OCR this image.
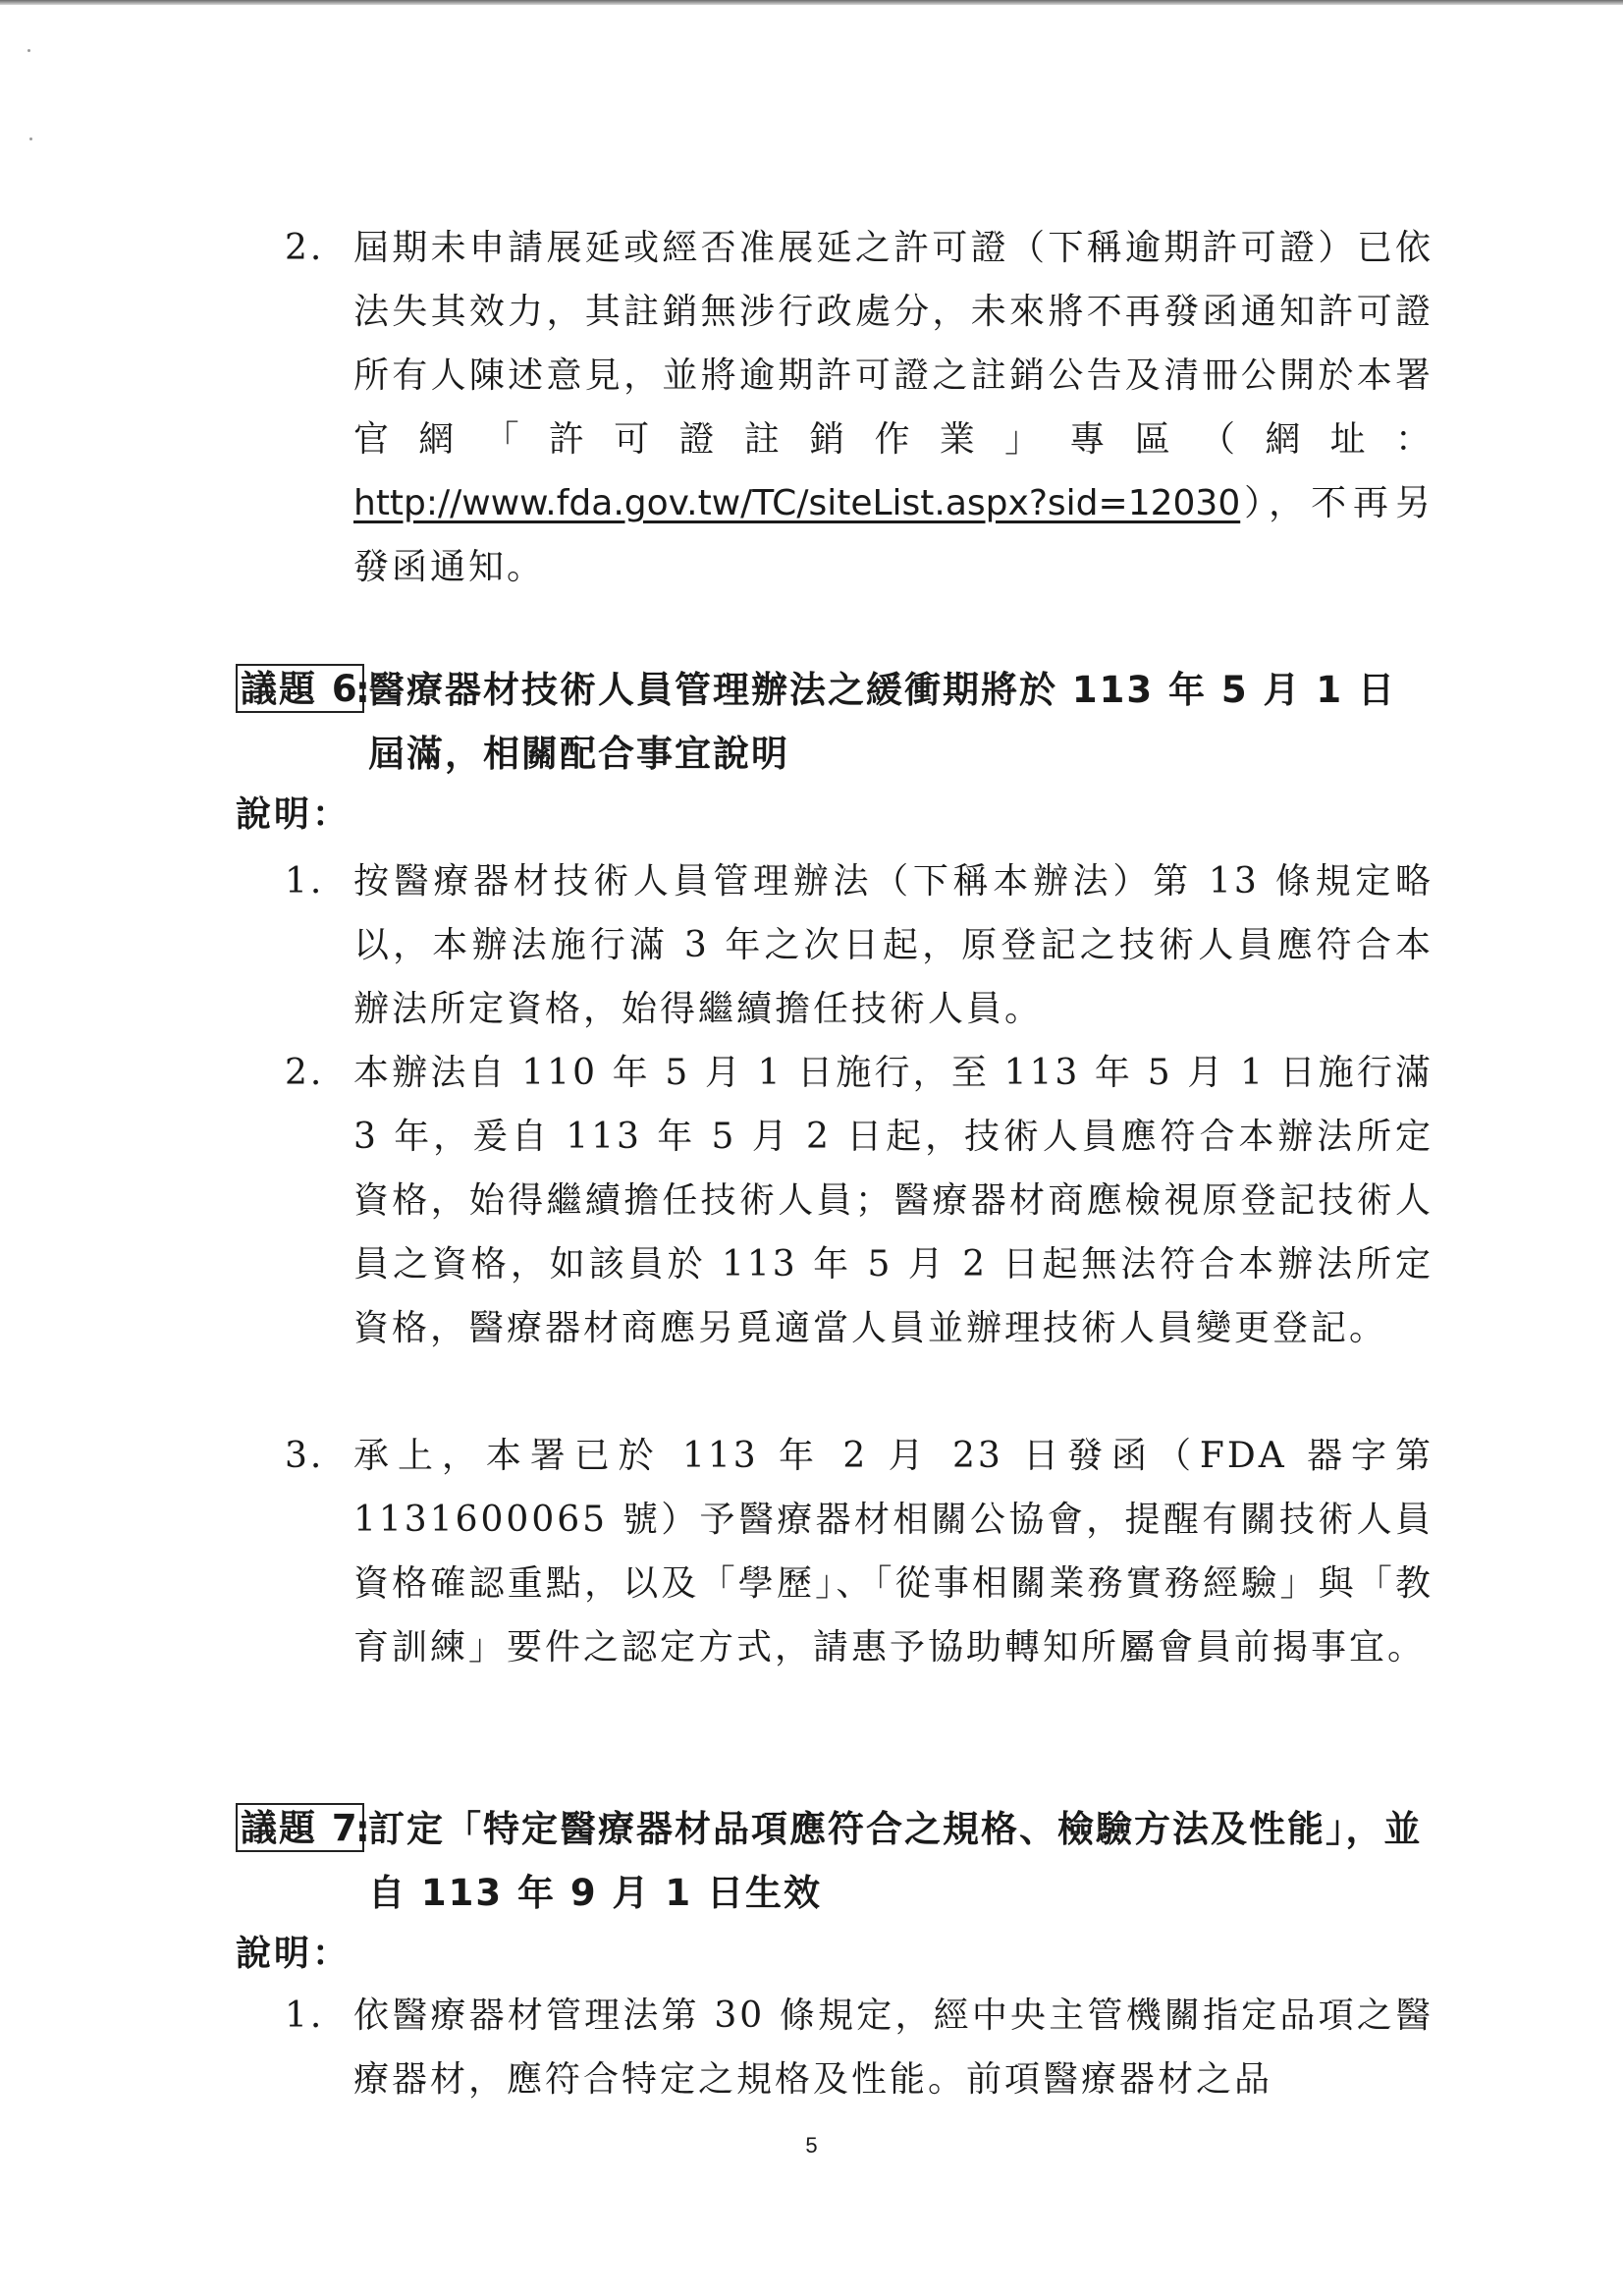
2. 屆期未申請展延或經否准展延之許可證（下稱逾期許可證）已依法失其效力，其註銷無涉行政處分，未來將不再發函通知許可證所有人陳述意見，並將逾期許可證之註銷公告及清冊公開於本署官網「許可證註銷作業」專區（網址：http://www.fda.gov.tw/TC/siteList.aspx?sid=12030），不再另發函通知。
議題 6
:
醫療器材技術人員管理辦法之緩衝期將於 113 年 5 月 1 日屆滿，相關配合事宜說明
說明：
1. 按醫療器材技術人員管理辦法（下稱本辦法）第 13 條規定略以，本辦法施行滿 3 年之次日起，原登記之技術人員應符合本辦法所定資格，始得繼續擔任技術人員。
2. 本辦法自 110 年 5 月 1 日施行，至 113 年 5 月 1 日施行滿 3 年，爰自 113 年 5 月 2 日起，技術人員應符合本辦法所定資格，始得繼續擔任技術人員；醫療器材商應檢視原登記技術人員之資格，如該員於 113 年 5 月 2 日起無法符合本辦法所定資格，醫療器材商應另覓適當人員並辦理技術人員變更登記。
3. 承上，本署已於 113 年 2 月 23 日發函（FDA 器字第 1131600065 號）予醫療器材相關公協會，提醒有關技術人員資格確認重點，以及「學歷」、「從事相關業務實務經驗」與「教育訓練」要件之認定方式，請惠予協助轉知所屬會員前揭事宜。
議題 7
:
訂定「特定醫療器材品項應符合之規格、檢驗方法及性能」，並自 113 年 9 月 1 日生效
說明：
1. 依醫療器材管理法第 30 條規定，經中央主管機關指定品項之醫療器材，應符合特定之規格及性能。前項醫療器材之品
5
